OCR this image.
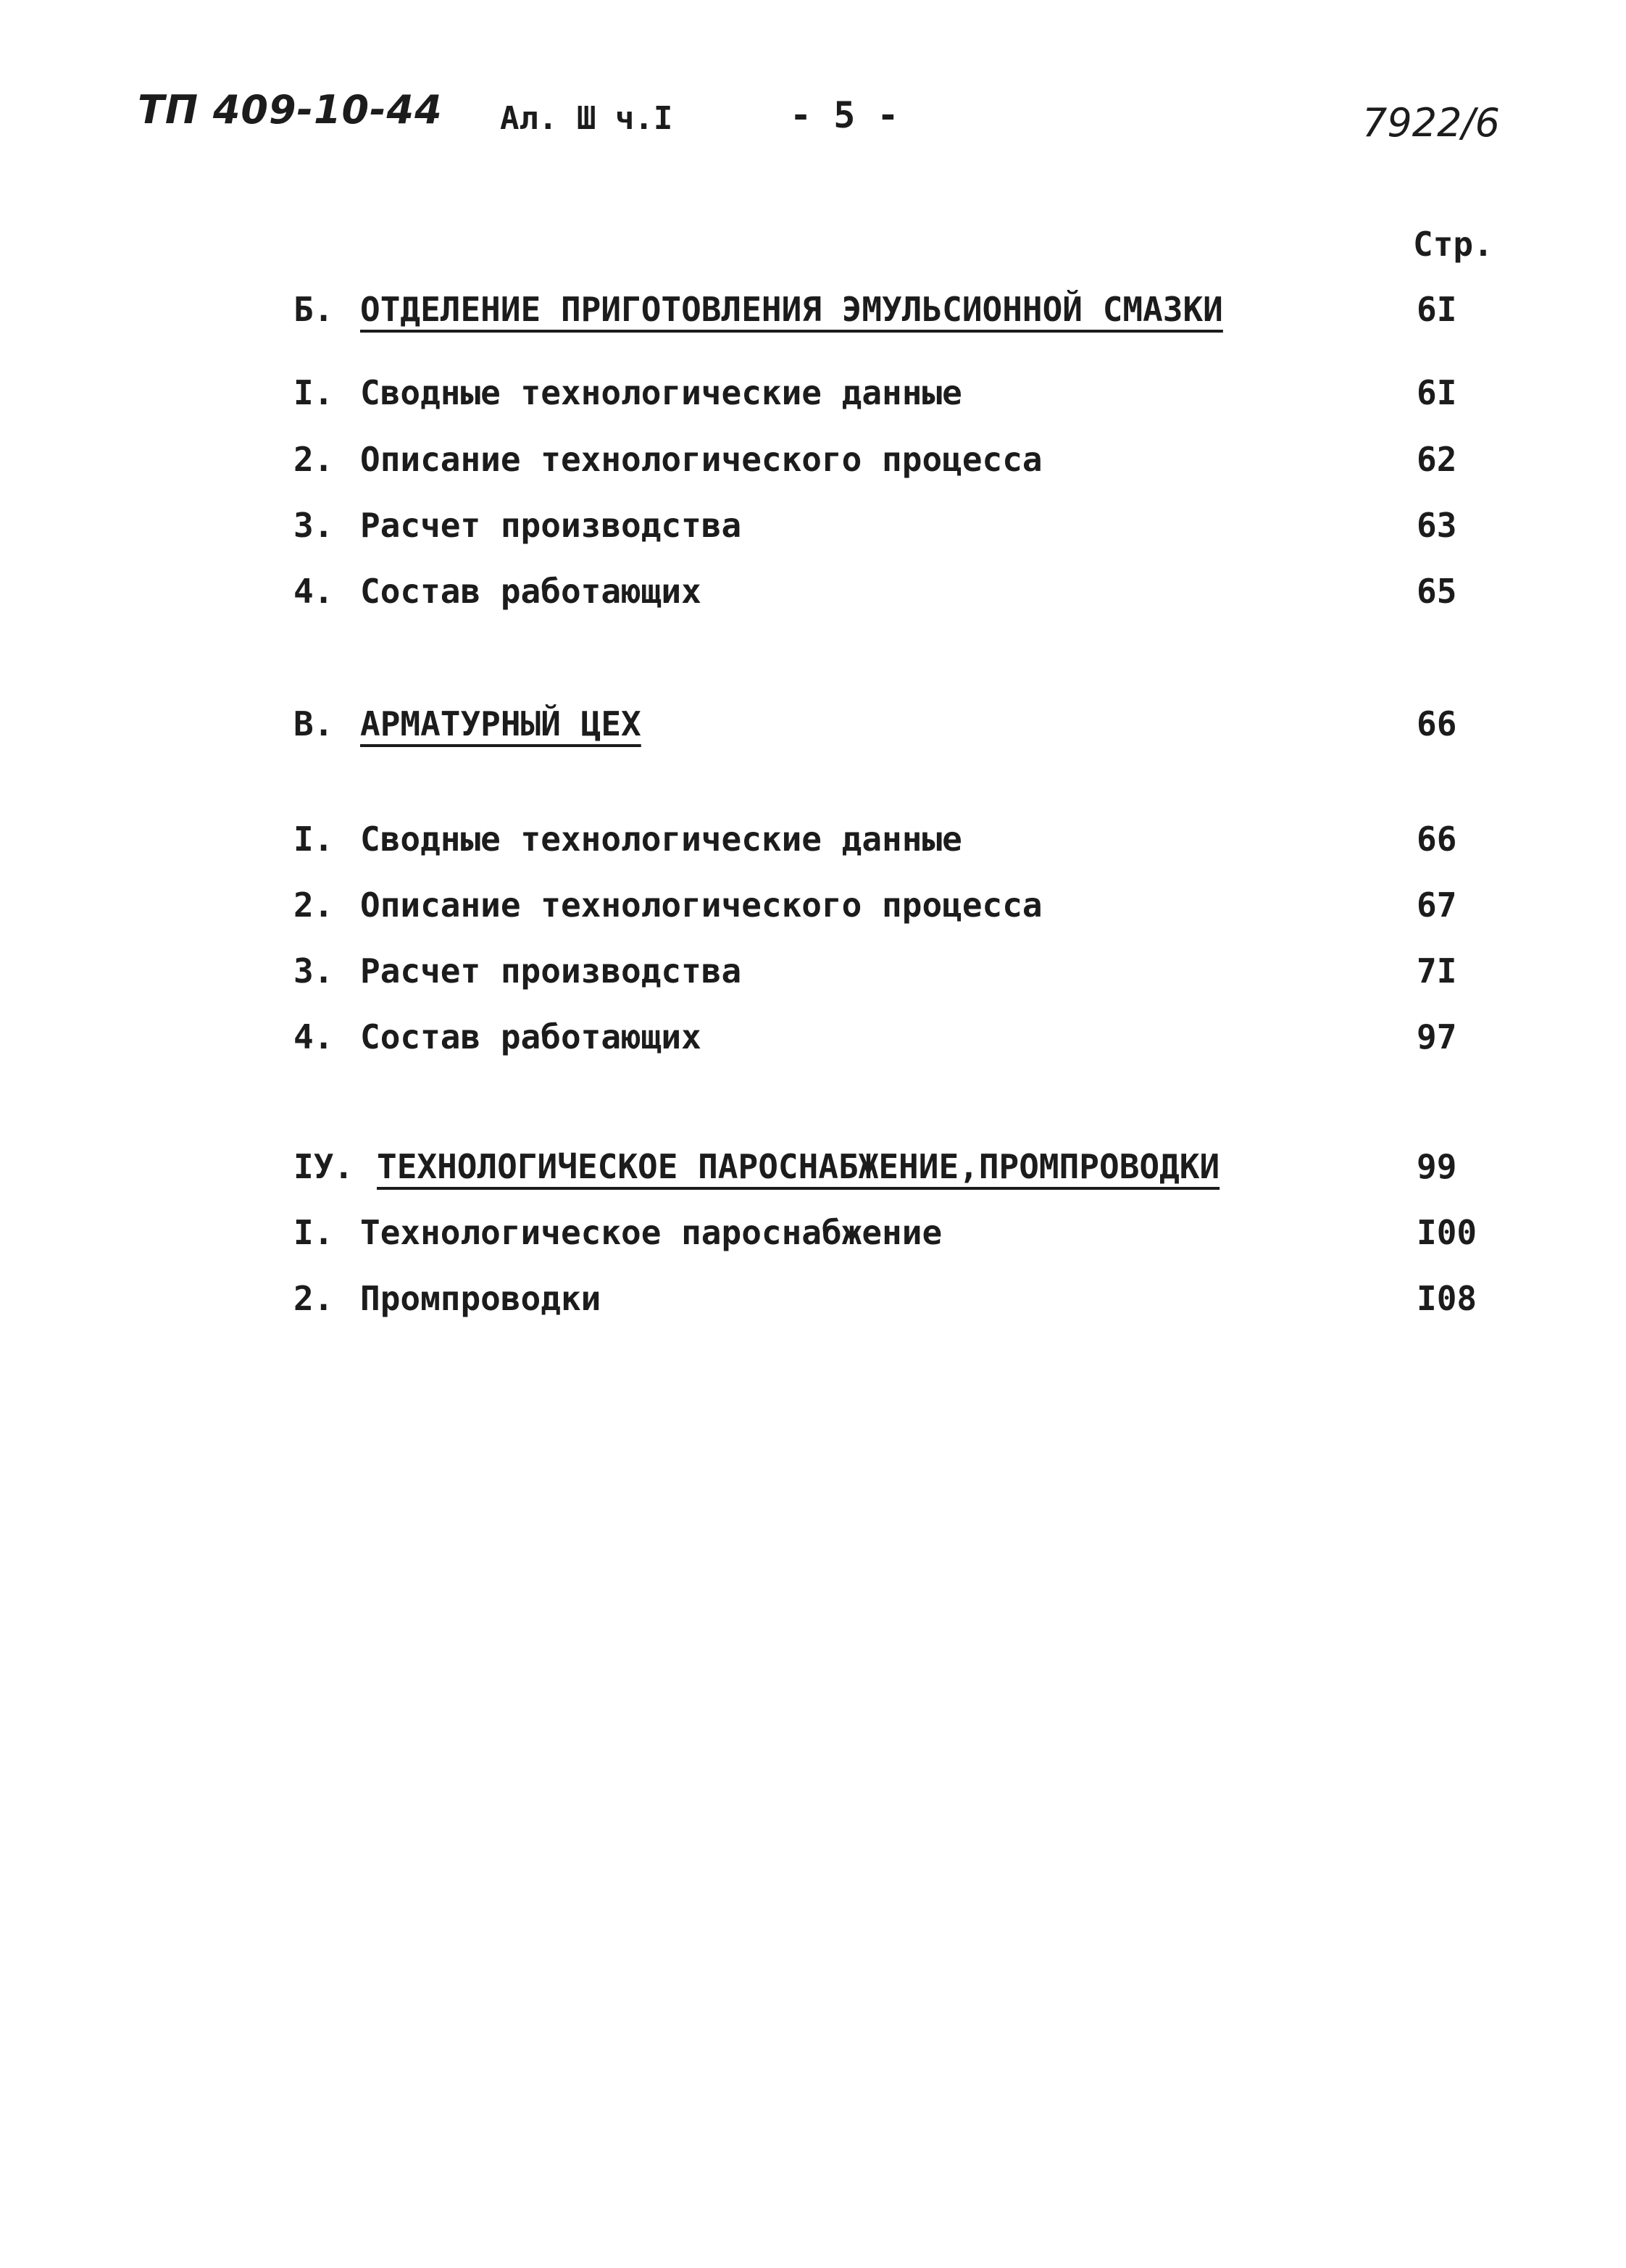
ТП 409-10-44 Ал. Ш ч.I	- 5 -	7922/6
Стр.
Б. ОТДЕЛЕНИЕ ПРИГОТОВЛЕНИЯ ЭМУЛЬСИОННОЙ СМАЗКИ	6I
I. Сводные технологические данные	6I
2. Описание технологического процесса	62
3. Расчет производства	63
4. Состав работающих	65
В. АРМАТУРНЫЙ ЦЕХ	66
I. Сводные технологические данные	66
2. Описание технологического процесса	67
3. Расчет производства	7I
4. Состав работающих	97
IУ. ТЕХНОЛОГИЧЕСКОЕ ПАРОСНАБЖЕНИЕ,ПРОМПРОВОДКИ	99
I. Технологическое пароснабжение	I00
2. Промпроводки	I08
